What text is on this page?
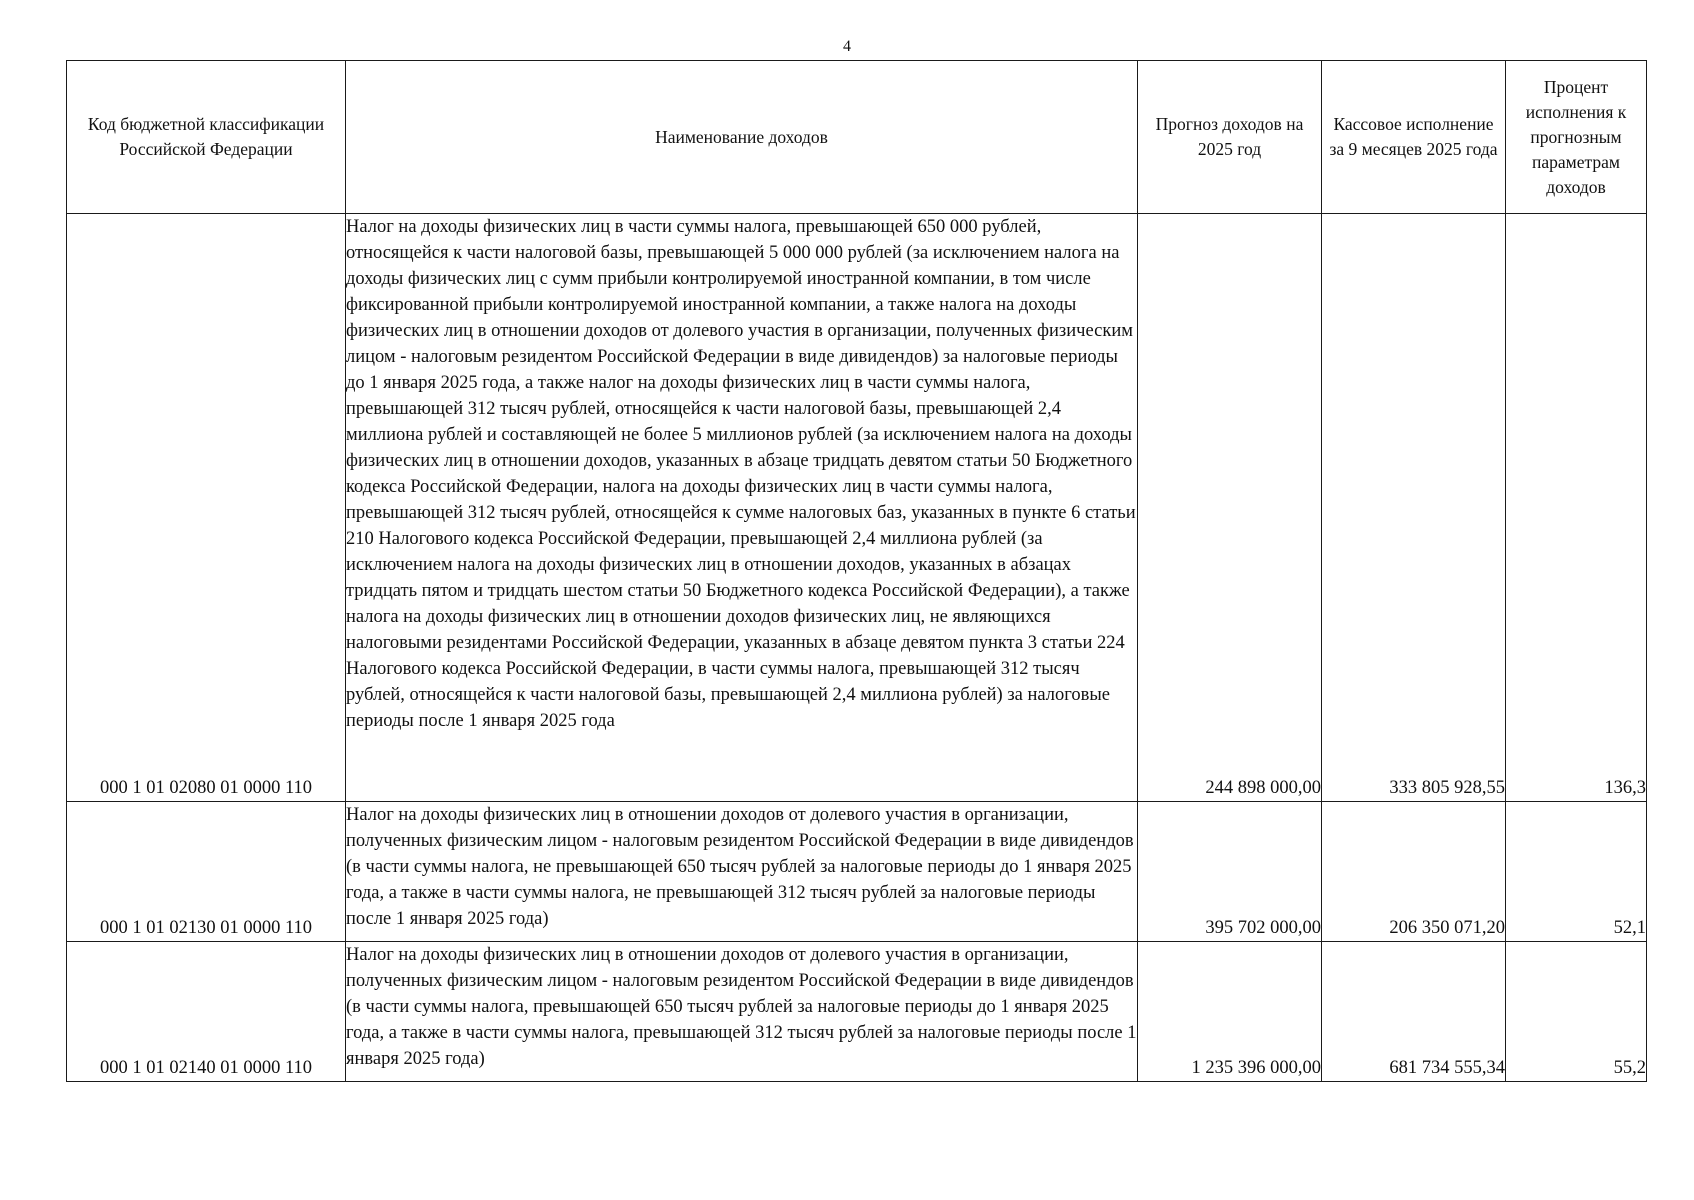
4
Код бюджетной классификации Российской Федерации	Наименование доходов	Прогноз доходов на 2025 год	Кассовое исполнение за 9 месяцев 2025 года	Процент исполнения к прогнозным параметрам доходов
000 1 01 02080 01 0000 110	Налог на доходы физических лиц в части суммы налога, превышающей 650 000 рублей, относящейся к части налоговой базы, превышающей 5 000 000 рублей (за исключением налога на доходы физических лиц с сумм прибыли контролируемой иностранной компании, в том числе фиксированной прибыли контролируемой иностранной компании, а также налога на доходы физических лиц в отношении доходов от долевого участия в организации, полученных физическим лицом - налоговым резидентом Российской Федерации в виде дивидендов) за налоговые периоды до 1 января 2025 года, а также налог на доходы физических лиц в части суммы налога, превышающей 312 тысяч рублей, относящейся к части налоговой базы, превышающей 2,4 миллиона рублей и составляющей не более 5 миллионов рублей (за исключением налога на доходы физических лиц в отношении доходов, указанных в абзаце тридцать девятом статьи 50 Бюджетного кодекса Российской Федерации, налога на доходы физических лиц в части суммы налога, превышающей 312 тысяч рублей, относящейся к сумме налоговых баз, указанных в пункте 6 статьи 210 Налогового кодекса Российской Федерации, превышающей 2,4 миллиона рублей (за исключением налога на доходы физических лиц в отношении доходов, указанных в абзацах тридцать пятом и тридцать шестом статьи 50 Бюджетного кодекса Российской Федерации), а также налога на доходы физических лиц в отношении доходов физических лиц, не являющихся налоговыми резидентами Российской Федерации, указанных в абзаце девятом пункта 3 статьи 224 Налогового кодекса Российской Федерации, в части суммы налога, превышающей 312 тысяч рублей, относящейся к части налоговой базы, превышающей 2,4 миллиона рублей) за налоговые периоды после 1 января 2025 года	244 898 000,00	333 805 928,55	136,3
000 1 01 02130 01 0000 110	Налог на доходы физических лиц в отношении доходов от долевого участия в организации, полученных физическим лицом - налоговым резидентом Российской Федерации в виде дивидендов (в части суммы налога, не превышающей 650 тысяч рублей за налоговые периоды до 1 января 2025 года, а также в части суммы налога, не превышающей 312 тысяч рублей за налоговые периоды после 1 января 2025 года)	395 702 000,00	206 350 071,20	52,1
000 1 01 02140 01 0000 110	Налог на доходы физических лиц в отношении доходов от долевого участия в организации, полученных физическим лицом - налоговым резидентом Российской Федерации в виде дивидендов (в части суммы налога, превышающей 650 тысяч рублей за налоговые периоды до 1 января 2025 года, а также в части суммы налога, превышающей 312 тысяч рублей за налоговые периоды после 1 января 2025 года)	1 235 396 000,00	681 734 555,34	55,2
